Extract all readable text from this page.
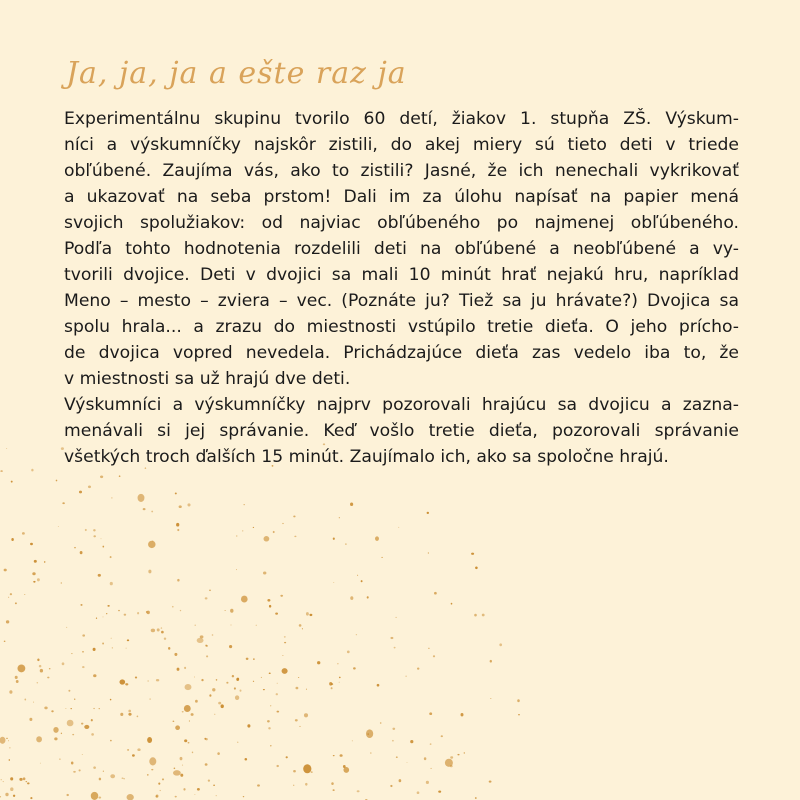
Ja, ja, ja a ešte raz ja
Experimentálnu skupinu tvorilo 60 detí, žiakov 1. stupňa ZŠ. Výskum-
níci a výskumníčky najskôr zistili, do akej miery sú tieto deti v triede
obľúbené. Zaujíma vás, ako to zistili? Jasné, že ich nenechali vykrikovať
a ukazovať na seba prstom! Dali im za úlohu napísať na papier mená
svojich spolužiakov: od najviac obľúbeného po najmenej obľúbeného.
Podľa tohto hodnotenia rozdelili deti na obľúbené a neobľúbené a vy-
tvorili dvojice. Deti v dvojici sa mali 10 minút hrať nejakú hru, napríklad
Meno – mesto – zviera – vec. (Poznáte ju? Tiež sa ju hrávate?) Dvojica sa
spolu hrala... a zrazu do miestnosti vstúpilo tretie dieťa. O jeho prícho-
de dvojica vopred nevedela. Prichádzajúce dieťa zas vedelo iba to, že
v miestnosti sa už hrajú dve deti.
Výskumníci a výskumníčky najprv pozorovali hrajúcu sa dvojicu a zazna-
menávali si jej správanie. Keď vošlo tretie dieťa, pozorovali správanie
všetkých troch ďalších 15 minút. Zaujímalo ich, ako sa spoločne hrajú.
